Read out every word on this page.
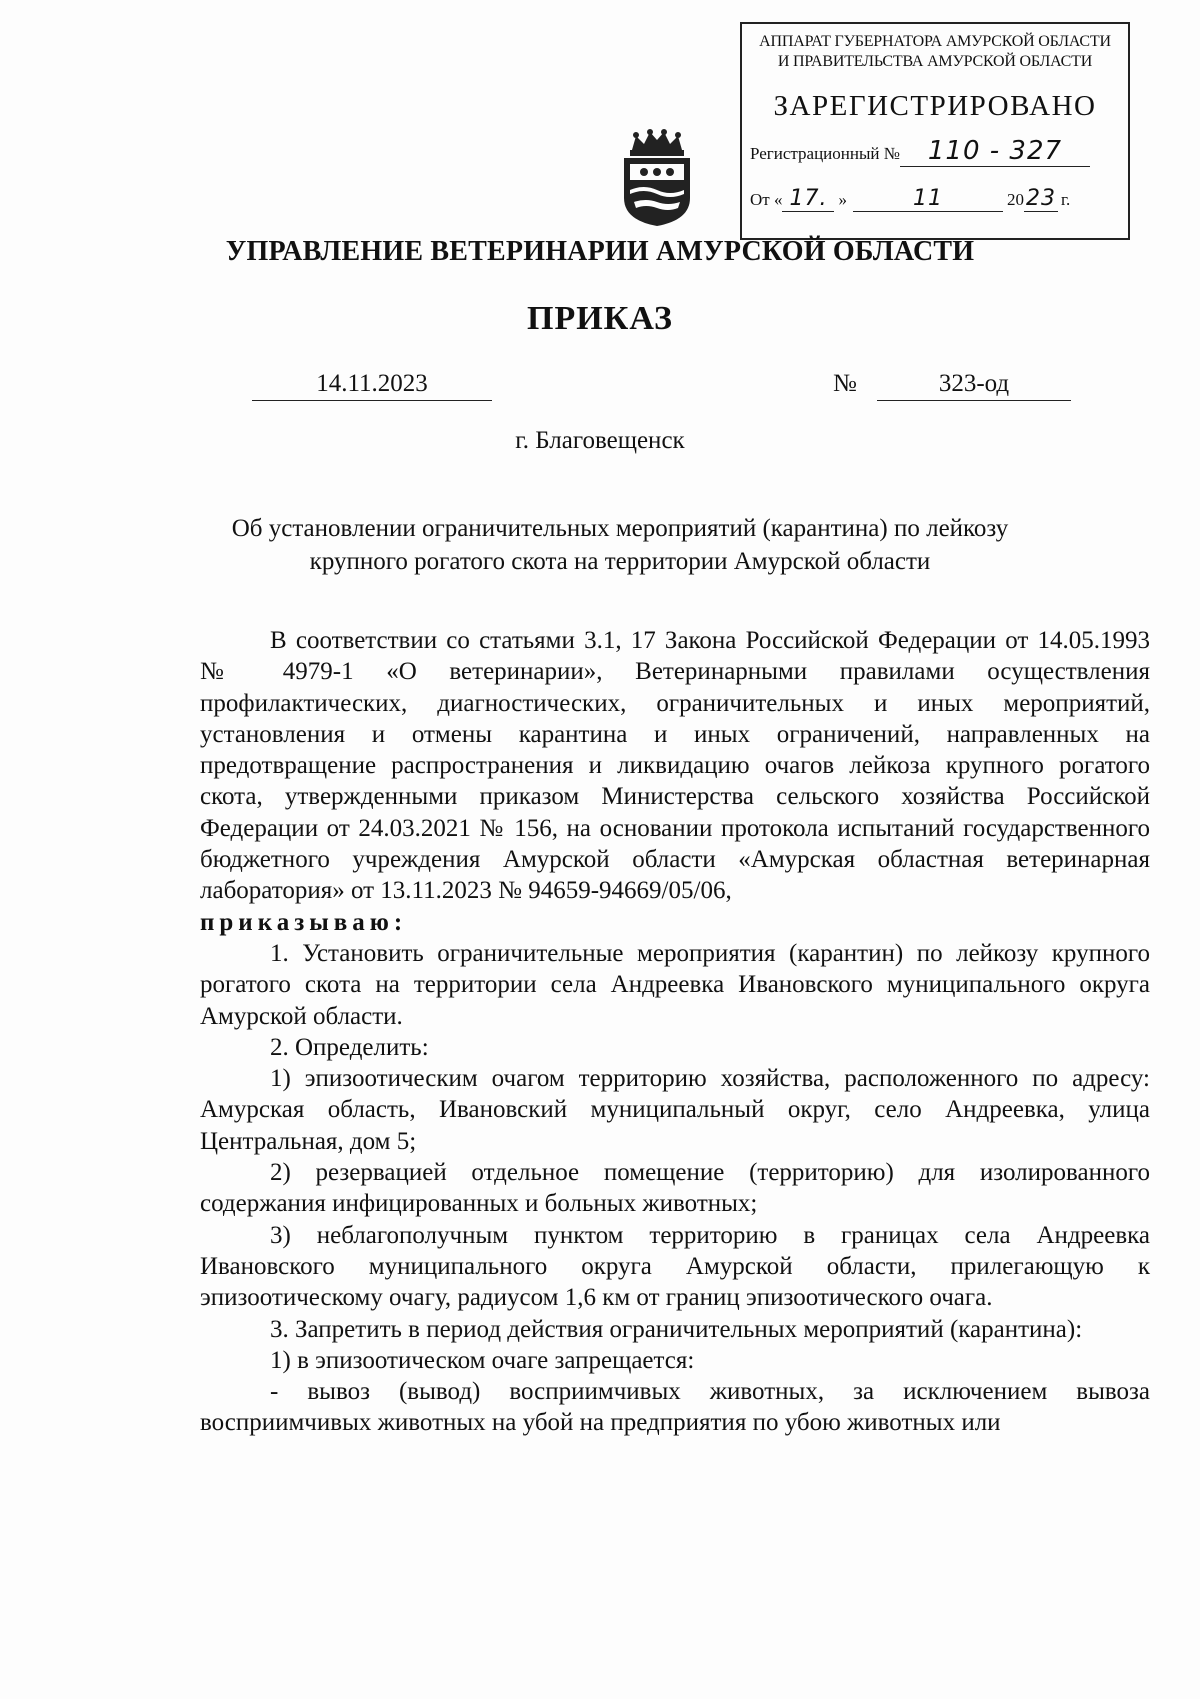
АППАРАТ ГУБЕРНАТОРА АМУРСКОЙ ОБЛАСТИ
И ПРАВИТЕЛЬСТВА АМУРСКОЙ ОБЛАСТИ
ЗАРЕГИСТРИРОВАНО
Регистрационный № 110 - 327
От « 17. »	11	2023 г.
УПРАВЛЕНИЕ ВЕТЕРИНАРИИ АМУРСКОЙ ОБЛАСТИ
ПРИКАЗ
14.11.2023	№	323-од
г. Благовещенск
Об установлении ограничительных мероприятий (карантина) по лейкозу
крупного рогатого скота на территории Амурской области

В соответствии со статьями 3.1, 17 Закона Российской Федерации от 14.05.1993 № 4979-1 «О ветеринарии», Ветеринарными правилами осуществления профилактических, диагностических, ограничительных и иных мероприятий, установления и отмены карантина и иных ограничений, направленных на предотвращение распространения и ликвидацию очагов лейкоза крупного рогатого скота, утвержденными приказом Министерства сельского хозяйства Российской Федерации от 24.03.2021 № 156, на основании протокола испытаний государственного бюджетного учреждения Амурской области «Амурская областная ветеринарная лаборатория» от 13.11.2023 № 94659-94669/05/06,

приказываю:

1. Установить ограничительные мероприятия (карантин) по лейкозу крупного рогатого скота на территории села Андреевка Ивановского муниципального округа Амурской области.

2. Определить:

1) эпизоотическим очагом территорию хозяйства, расположенного по адресу: Амурская область, Ивановский муниципальный округ, село Андреевка, улица Центральная, дом 5;

2) резервацией отдельное помещение (территорию) для изолированного содержания инфицированных и больных животных;

3) неблагополучным пунктом территорию в границах села Андреевка Ивановского муниципального округа Амурской области, прилегающую к эпизоотическому очагу, радиусом 1,6 км от границ эпизоотического очага.

3. Запретить в период действия ограничительных мероприятий (карантина):

1) в эпизоотическом очаге запрещается:

- вывоз (вывод) восприимчивых животных, за исключением вывоза восприимчивых животных на убой на предприятия по убою животных или
